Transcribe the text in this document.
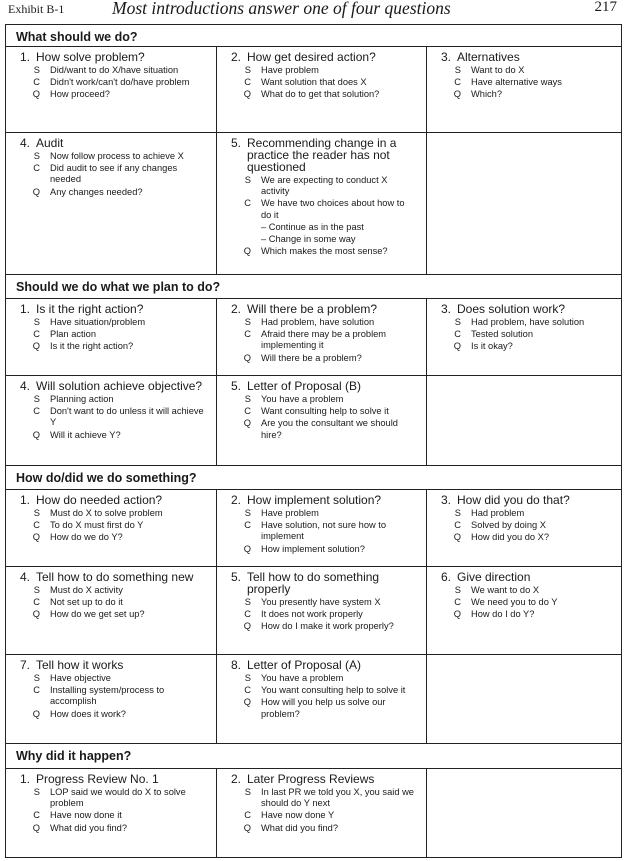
Exhibit B-1	Most introductions answer one of four questions	217
What should we do?
1. How solve problem?
S	Did/want to do X/have situation
C	Didn't work/can't do/have problem
Q	How proceed?
2. How get desired action?
S	Have problem
C	Want solution that does X
Q	What do to get that solution?
3. Alternatives
S	Want to do X
C	Have alternative ways
Q	Which?
4. Audit
S	Now follow process to achieve X
C	Did audit to see if any changes needed
Q	Any changes needed?
5. Recommending change in a practice the reader has not questioned
S	We are expecting to conduct X activity
C	We have two choices about how to do it
– Continue as in the past
– Change in some way
Q	Which makes the most sense?
Should we do what we plan to do?
1. Is it the right action?
S	Have situation/problem
C	Plan action
Q	Is it the right action?
2. Will there be a problem?
S	Had problem, have solution
C	Afraid there may be a problem implementing it
Q	Will there be a problem?
3. Does solution work?
S	Had problem, have solution
C	Tested solution
Q	Is it okay?
4. Will solution achieve objective?
S	Planning action
C	Don't want to do unless it will achieve Y
Q	Will it achieve Y?
5. Letter of Proposal (B)
S	You have a problem
C	Want consulting help to solve it
Q	Are you the consultant we should hire?
How do/did we do something?
1. How do needed action?
S	Must do X to solve problem
C	To do X must first do Y
Q	How do we do Y?
2. How implement solution?
S	Have problem
C	Have solution, not sure how to implement
Q	How implement solution?
3. How did you do that?
S	Had problem
C	Solved by doing X
Q	How did you do X?
4. Tell how to do something new
S	Must do X activity
C	Not set up to do it
Q	How do we get set up?
5. Tell how to do something properly
S	You presently have system X
C	It does not work properly
Q	How do I make it work properly?
6. Give direction
S	We want to do X
C	We need you to do Y
Q	How do I do Y?
7. Tell how it works
S	Have objective
C	Installing system/process to accomplish
Q	How does it work?
8. Letter of Proposal (A)
S	You have a problem
C	You want consulting help to solve it
Q	How will you help us solve our problem?
Why did it happen?
1. Progress Review No. 1
S	LOP said we would do X to solve problem
C	Have now done it
Q	What did you find?
2. Later Progress Reviews
S	In last PR we told you X, you said we should do Y next
C	Have now done Y
Q	What did you find?
